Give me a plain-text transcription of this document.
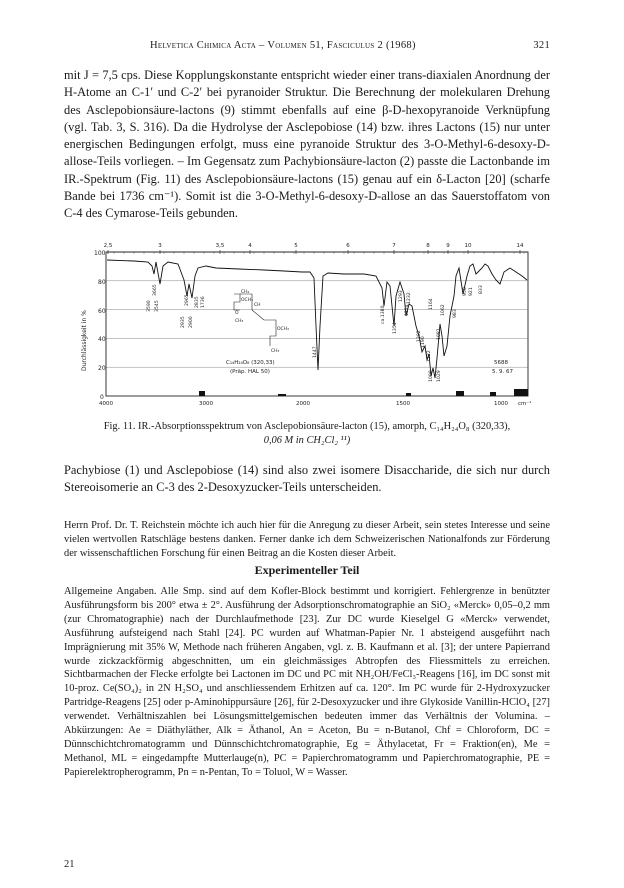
Helvetica Chimica Acta – Volumen 51, Fasciculus 2 (1968)	321

mit J = 7,5 cps. Diese Kopplungskonstante entspricht wieder einer trans-diaxialen Anordnung der H-Atome an C-1′ und C-2′ bei pyranoider Struktur. Die Berechnung der molekularen Drehung des Asclepobionsäure-lactons (9) stimmt ebenfalls auf eine β-D-hexopyranoide Verknüpfung (vgl. Tab. 3, S. 316). Da die Hydrolyse der Asclepobiose (14) bzw. ihres Lactons (15) nur unter energischen Bedingungen erfolgt, muss eine pyranoide Struktur des 3-O-Methyl-6-desoxy-D-allose-Teils vorliegen. – Im Gegensatz zum Pachybionsäure-lacton (2) passte die Lactonbande im IR.-Spektrum (Fig. 11) des Asclepobionsäure-lactons (15) genau auf ein δ-Lacton [20] (scharfe Bande bei 1736 cm⁻¹). Somit ist die 3-O-Methyl-6-desoxy-D-allose an das Sauerstoffatom von C-4 des Cymarose-Teils gebunden.

2,5	3	3,5	4	5	6	7	8	9	10	14
100
80
60
40
20
0
Durchlässigkeit in %
4000	3000	2000	1500	1000 cm⁻¹
CH₂
OCH₃
O
CH
OCH₃
CH₃
CH₃
C₁₄H₂₄O₈ (320,33)
(Präp. HAL 50)
5688
5. 9. 67
3665
3590 3545
2965
2935 2900
2835 1736
1447
ca.1380
1354
1293
1314
1232
1202
1190
1164
1122
1090
1081
1062
1029
983
950 921 833
Fig. 11. IR.-Absorptionsspektrum von Asclepobionsäure-lacton (15), amorph, C₁₄H₂₄O₈ (320,33),
0,06 M in CH₂Cl₂ ¹¹)

Pachybiose (1) und Asclepobiose (14) sind also zwei isomere Disaccharide, die sich nur durch Stereoisomerie an C-3 des 2-Desoxyzucker-Teils unterscheiden.

Herrn Prof. Dr. T. Reichstein möchte ich auch hier für die Anregung zu dieser Arbeit, sein stetes Interesse und seine vielen wertvollen Ratschläge bestens danken. Ferner danke ich dem Schweizerischen Nationalfonds zur Förderung der wissenschaftlichen Forschung für einen Beitrag an die Kosten dieser Arbeit.

Experimenteller Teil

Allgemeine Angaben. Alle Smp. sind auf dem Kofler-Block bestimmt und korrigiert. Fehlergrenze in benützter Ausführungsform bis 200° etwa ± 2°. Ausführung der Adsorptionschromatographie an SiO₂ «Merck» 0,05–0,2 mm (zur Chromatographie) nach der Durchlaufmethode [23]. Zur DC wurde Kieselgel G «Merck» verwendet, Ausführung aufsteigend nach Stahl [24]. PC wurden auf Whatman-Papier Nr. 1 absteigend ausgeführt nach Imprägnierung mit 35% W, Methode nach früheren Angaben, vgl. z. B. Kaufmann et al. [3]; der untere Papierrand wurde zickzackförmig abgeschnitten, um ein gleichmässiges Abtropfen des Fliessmittels zu erreichen. Sichtbarmachen der Flecke erfolgte bei Lactonen im DC und PC mit NH₂OH/FeCl₃-Reagens [16], im DC sonst mit 10-proz. Ce(SO₄)₂ in 2N H₂SO₄ und anschliessendem Erhitzen auf ca. 120°. Im PC wurde für 2-Hydroxyzucker Partridge-Reagens [25] oder p-Aminohippursäure [26], für 2-Desoxyzucker und ihre Glykoside Vanillin-HClO₄ [27] verwendet. Verhältniszahlen bei Lösungsmittelgemischen bedeuten immer das Verhältnis der Volumina. – Abkürzungen: Ae = Diäthyläther, Alk = Äthanol, An = Aceton, Bu = n-Butanol, Chf = Chloroform, DC = Dünnschichtchromatogramm und Dünnschichtchromatographie, Eg = Äthylacetat, Fr = Fraktion(en), Me = Methanol, ML = eingedampfte Mutterlauge(n), PC = Papierchromatogramm und Papierchromatographie, PE = Papierelektropherogramm, Pn = n-Pentan, To = Toluol, W = Wasser.

21
